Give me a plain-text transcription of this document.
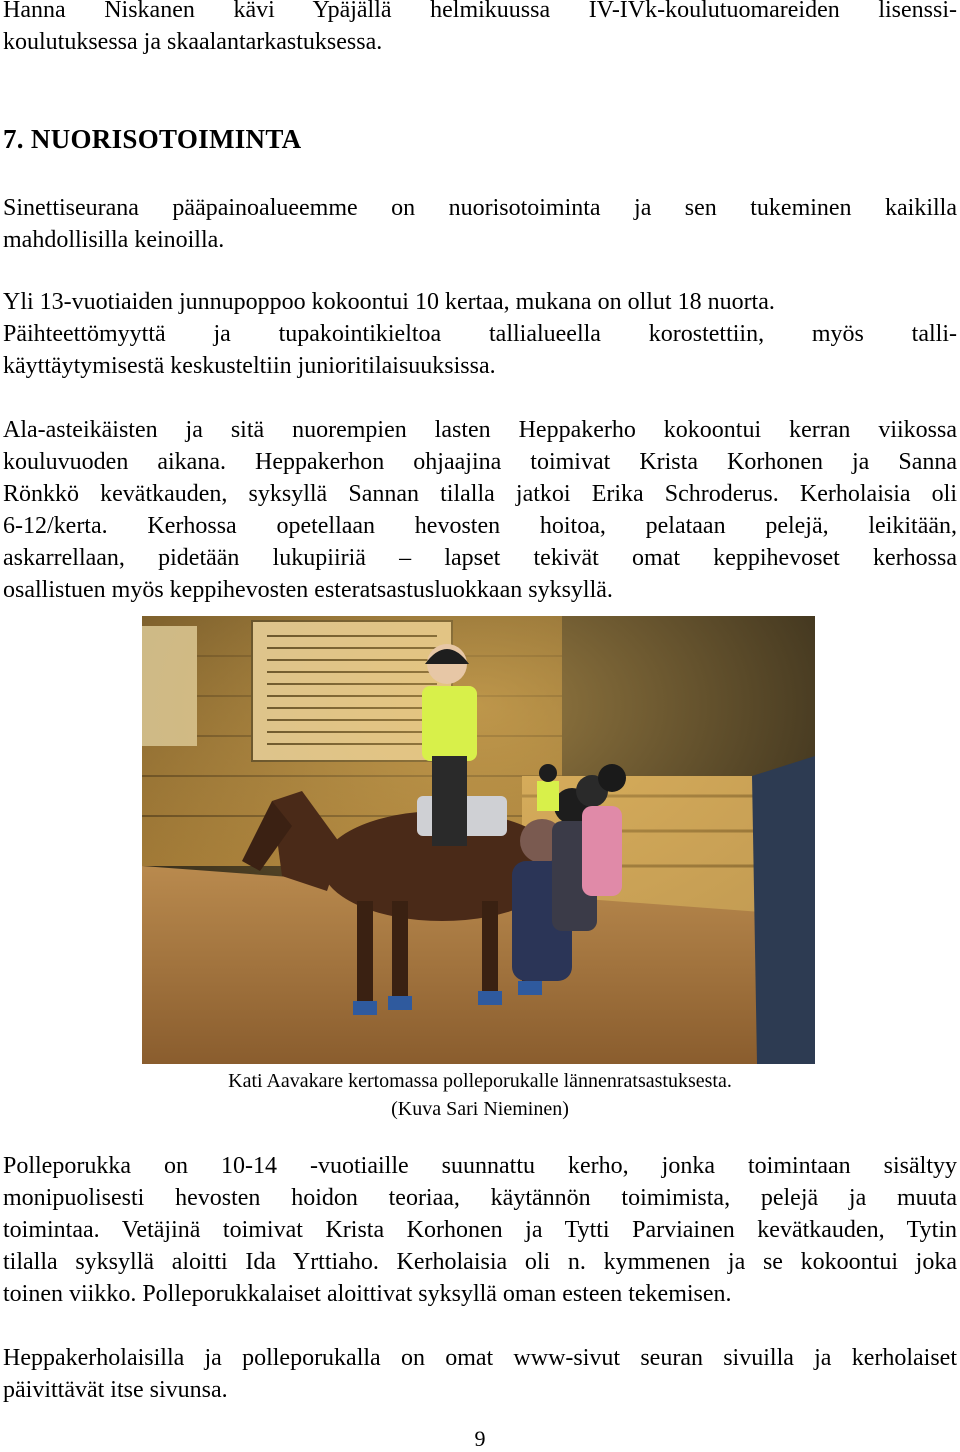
Hanna Niskanen kävi Ypäjällä helmikuussa IV-IVk-koulutuomareiden lisenssi-
koulutuksessa ja skaalantarkastuksessa.

7. NUORISOTOIMINTA

Sinettiseurana pääpainoalueemme on nuorisotoiminta ja sen tukeminen kaikilla
mahdollisilla keinoilla.

Yli 13-vuotiaiden junnupoppoo kokoontui 10 kertaa, mukana on ollut 18 nuorta.
Päihteettömyyttä ja tupakointikieltoa tallialueella korostettiin, myös talli-
käyttäytymisestä keskusteltiin junioritilaisuuksissa.

Ala-asteikäisten ja sitä nuorempien lasten Heppakerho kokoontui kerran viikossa
kouluvuoden aikana. Heppakerhon ohjaajina toimivat Krista Korhonen ja Sanna
Rönkkö kevätkauden, syksyllä Sannan tilalla jatkoi Erika Schroderus. Kerholaisia oli
6-12/kerta. Kerhossa opetellaan hevosten hoitoa, pelataan pelejä, leikitään,
askarrellaan, pidetään lukupiiriä – lapset tekivät omat keppihevoset kerhossa
osallistuen myös keppihevosten esteratsastusluokkaan syksyllä.

Polleporukka on 10-14 -vuotiaille suunnattu kerho, jonka toimintaan sisältyy
monipuolisesti hevosten hoidon teoriaa, käytännön toimimista, pelejä ja muuta
toimintaa. Vetäjinä toimivat Krista Korhonen ja Tytti Parviainen kevätkauden, Tytin
tilalla syksyllä aloitti Ida Yrttiaho. Kerholaisia oli n. kymmenen ja se kokoontui joka
toinen viikko. Polleporukkalaiset aloittivat syksyllä oman esteen tekemisen.

Heppakerholaisilla ja polleporukalla on omat www-sivut seuran sivuilla ja kerholaiset
päivittävät itse sivunsa.

Kati Aavakare kertomassa polleporukalle lännenratsastuksesta.
(Kuva Sari Nieminen)
9
